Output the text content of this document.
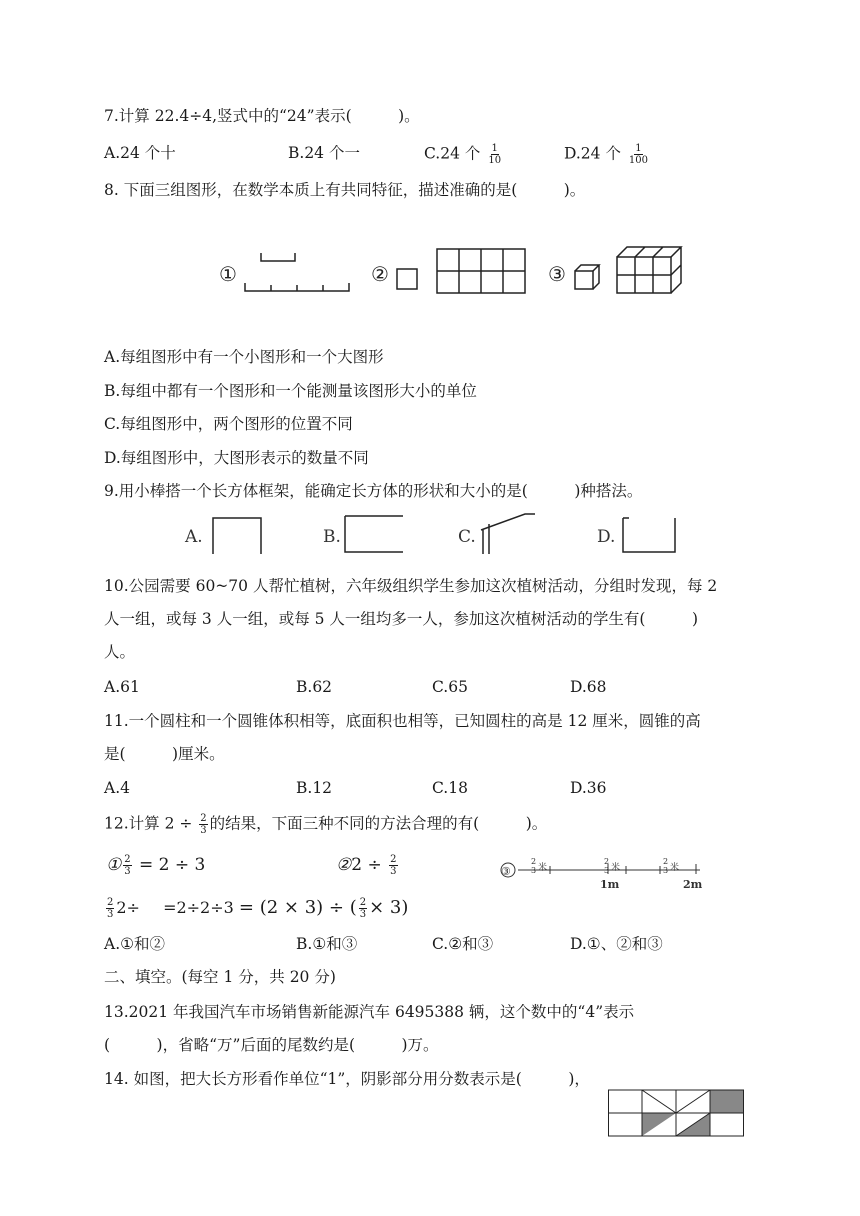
7.计算 22.4÷4,竖式中的“24”表示(　　　)。
A.24 个十	B.24 个一	C.24 个 $\frac{1}{10}$	D.24 个 $\frac{1}{100}$
8. 下面三组图形，在数学本质上有共同特征，描述准确的是(　　　)。
①	②	③
A.每组图形中有一个小图形和一个大图形
B.每组中都有一个图形和一个能测量该图形大小的单位
C.每组图形中，两个图形的位置不同
D.每组图形中，大图形表示的数量不同
9.用小棒搭一个长方体框架，能确定长方体的形状和大小的是(　　　)种搭法。
A.	B.	C.	D.
10.公园需要 60~70 人帮忙植树，六年级组织学生参加这次植树活动，分组时发现，每 2
人一组，或每 3 人一组，或每 5 人一组均多一人，参加这次植树活动的学生有(　　　)
人。
A.61	B.62	C.65	D.68
11.一个圆柱和一个圆锥体积相等，底面积也相等，已知圆柱的高是 12 厘米，圆锥的高
是(　　　)厘米。
A.4	B.12	C.18	D.36
12.计算 $2 \div \frac{2}{3}$ 的结果，下面三种不同的方法合理的有(　　　)。
① $\frac{2}{3} = 2 \div 3$	②2 ÷ $\frac{2}{3}$	③
2
3 米
2
3 米
2
3 米
1m	2m
$\frac{2}{3} 2\div =2\div 2\div 3 = (2 \times 3)$ ÷ ( $\frac{2}{3} \times 3$)
A.①和②	B.①和③	C.②和③	D.①、②和③
二、填空。(每空 1 分，共 20 分)
13.2021 年我国汽车市场销售新能源汽车 6495388 辆，这个数中的“4”表示
(　　　)，省略“万”后面的尾数约是(　　　)万。
14. 如图，把大长方形看作单位“1”，阴影部分用分数表示是(　　　)，
